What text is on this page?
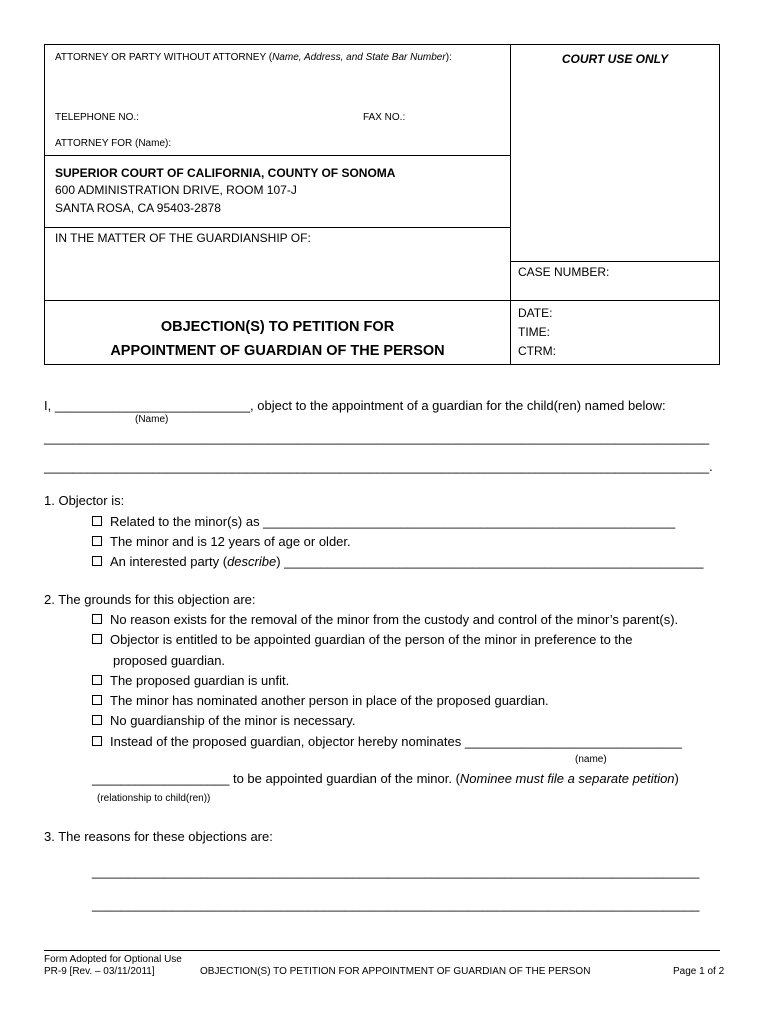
ATTORNEY OR PARTY WITHOUT ATTORNEY (Name, Address, and State Bar Number):
TELEPHONE NO.:	FAX NO.:
ATTORNEY FOR (Name):
SUPERIOR COURT OF CALIFORNIA, COUNTY OF SONOMA
600 ADMINISTRATION DRIVE, ROOM 107-J
SANTA ROSA, CA 95403-2878
IN THE MATTER OF THE GUARDIANSHIP OF:
OBJECTION(S) TO PETITION FOR
APPOINTMENT OF GUARDIAN OF THE PERSON
COURT USE ONLY
CASE NUMBER:
DATE:
TIME:
CTRM:
I, ___________________________, object to the appointment of a guardian for the child(ren) named below:
(Name)
____________________________________________________________________________________________
____________________________________________________________________________________________.
1. Objector is:
Related to the minor(s) as _________________________________________________________
The minor and is 12 years of age or older.
An interested party (describe) __________________________________________________________
2. The grounds for this objection are:
No reason exists for the removal of the minor from the custody and control of the minor’s parent(s).
Objector is entitled to be appointed guardian of the person of the minor in preference to the
proposed guardian.
The proposed guardian is unfit.
The minor has nominated another person in place of the proposed guardian.
No guardianship of the minor is necessary.
Instead of the proposed guardian, objector hereby nominates ______________________________
(name)
___________________ to be appointed guardian of the minor. (Nominee must file a separate petition)
(relationship to child(ren))
3. The reasons for these objections are:
____________________________________________________________________________________
____________________________________________________________________________________
Form Adopted for Optional Use
PR-9 [Rev. – 03/11/2011]	OBJECTION(S) TO PETITION FOR APPOINTMENT OF GUARDIAN OF THE PERSON	Page 1 of 2
